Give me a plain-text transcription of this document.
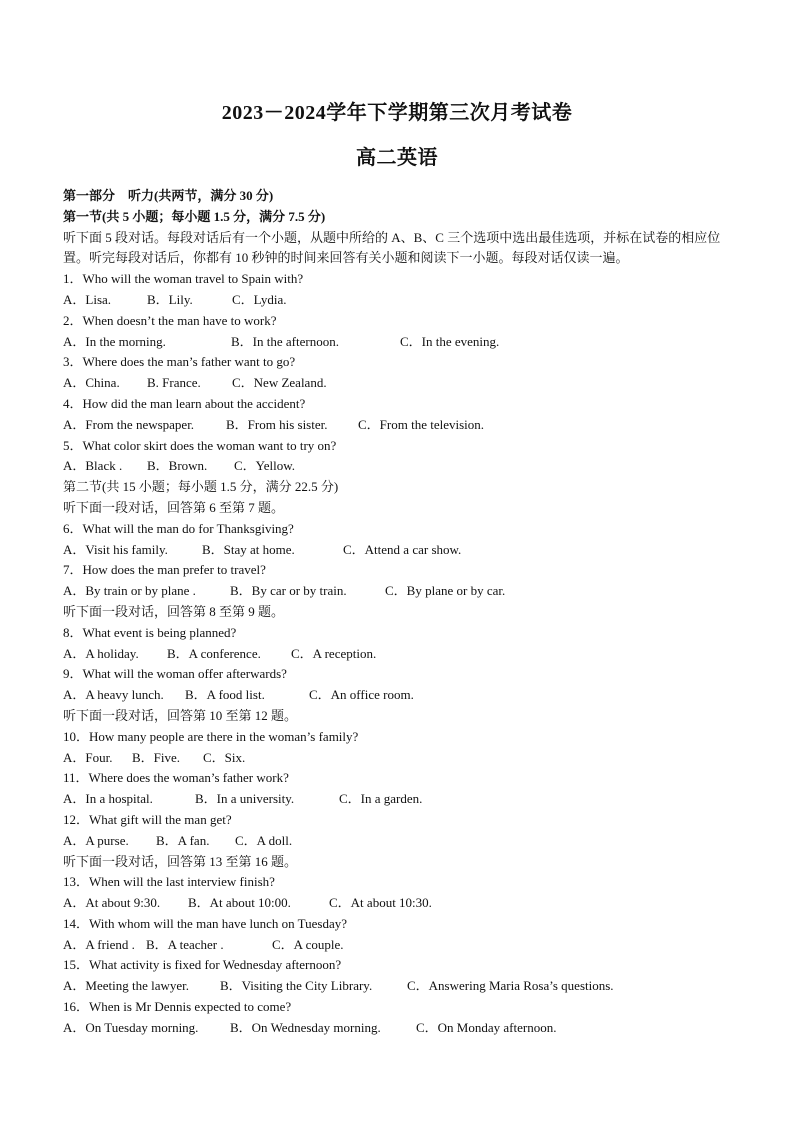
2023－2024学年下学期第三次月考试卷
高二英语
第一部分　听力(共两节，满分 30 分)
第一节(共 5 小题；每小题 1.5 分，满分 7.5 分)
听下面 5 段对话。每段对话后有一个小题，从题中所给的 A、B、C 三个选项中选出最佳选项，并标在试卷的相应位置。听完每段对话后，你都有 10 秒钟的时间来回答有关小题和阅读下一小题。每段对话仅读一遍。
1．Who will the woman travel to Spain with?
A．Lisa.	B．Lily.	C．Lydia.
2．When doesn’t the man have to work?
A．In the morning.	B．In the afternoon.	C．In the evening.
3．Where does the man’s father want to go?
A．China. B. France. C．New Zealand.
4．How did the man learn about the accident?
A．From the newspaper. B．From his sister. C．From the television.
5．What color skirt does the woman want to try on?
A．Black . B．Brown. C．Yellow.
第二节(共 15 小题；每小题 1.5 分，满分 22.5 分)
听下面一段对话，回答第 6 至第 7 题。
6．What will the man do for Thanksgiving?
A．Visit his family.	B．Stay at home.	C．Attend a car show.
7．How does the man prefer to travel?
A．By train or by plane .	B．By car or by train.	C．By plane or by car.
听下面一段对话，回答第 8 至第 9 题。
8．What event is being planned?
A．A holiday. B．A conference. C．A reception.
9．What will the woman offer afterwards?
A．A heavy lunch. B．A food list.	C．An office room.
听下面一段对话，回答第 10 至第 12 题。
10．How many people are there in the woman’s family?
A．Four. B．Five. C．Six.
11．Where does the woman’s father work?
A．In a hospital.	B．In a university.	C．In a garden.
12．What gift will the man get?
A．A purse. B．A fan. C．A doll.
听下面一段对话，回答第 13 至第 16 题。
13．When will the last interview finish?
A．At about 9:30. B．At about 10:00.	C．At about 10:30.
14．With whom will the man have lunch on Tuesday?
A．A friend . B．A teacher .	C．A couple.
15．What activity is fixed for Wednesday afternoon?
A．Meeting the lawyer. B．Visiting the City Library.	C．Answering Maria Rosa’s questions.
16．When is Mr Dennis expected to come?
A．On Tuesday morning. B．On Wednesday morning.	C．On Monday afternoon.
